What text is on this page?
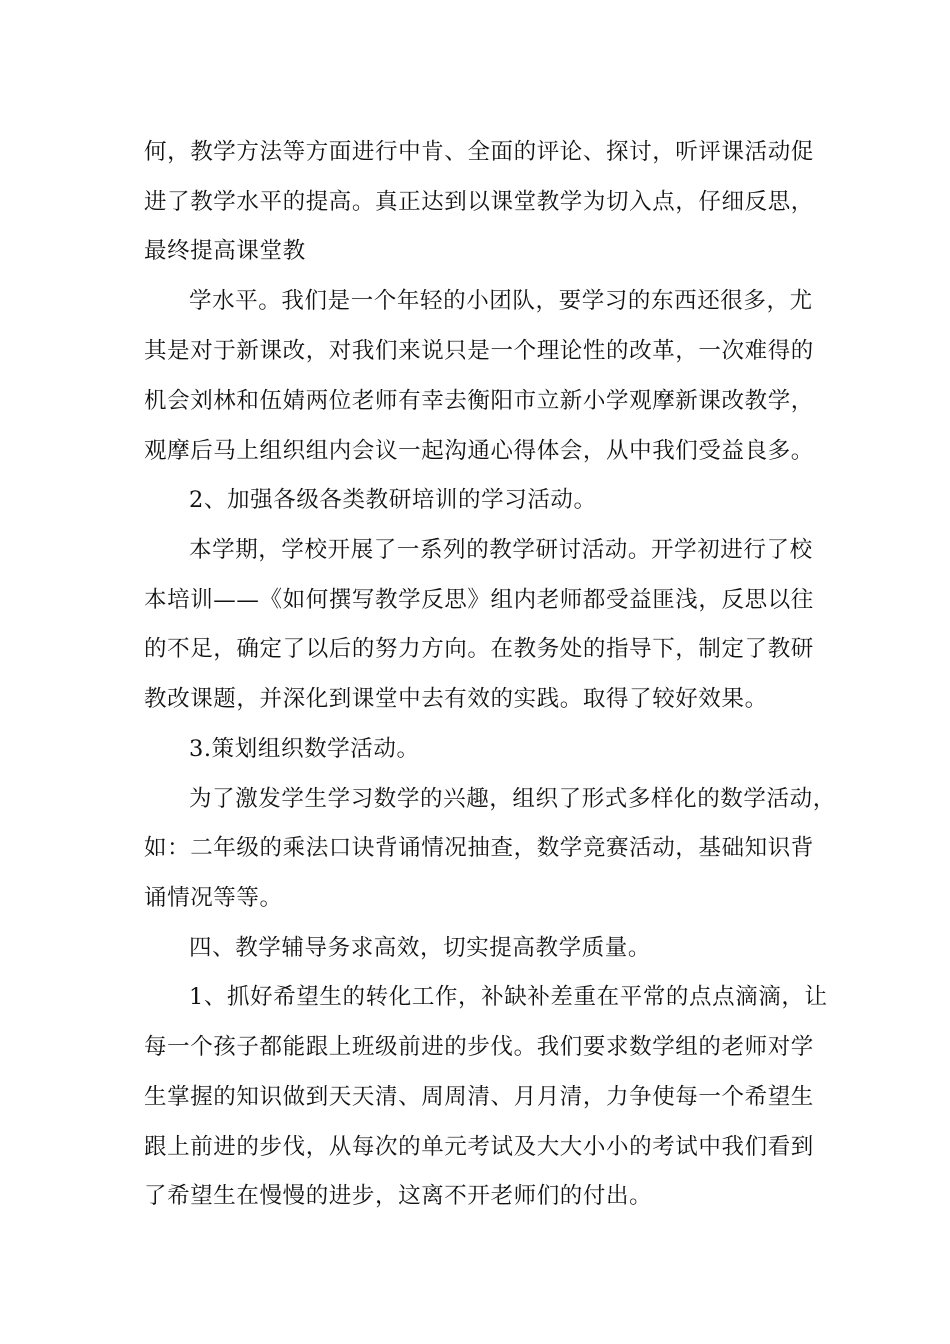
何，教学方法等方面进行中肯、全面的评论、探讨，听评课活动促
进了教学水平的提高。真正达到以课堂教学为切入点，仔细反思，
最终提高课堂教
学水平。我们是一个年轻的小团队，要学习的东西还很多，尤
其是对于新课改，对我们来说只是一个理论性的改革，一次难得的
机会刘林和伍婧两位老师有幸去衡阳市立新小学观摩新课改教学，
观摩后马上组织组内会议一起沟通心得体会，从中我们受益良多。
2、加强各级各类教研培训的学习活动。
本学期，学校开展了一系列的教学研讨活动。开学初进行了校
本培训——《如何撰写教学反思》组内老师都受益匪浅，反思以往
的不足，确定了以后的努力方向。在教务处的指导下，制定了教研
教改课题，并深化到课堂中去有效的实践。取得了较好效果。
3.策划组织数学活动。
为了激发学生学习数学的兴趣，组织了形式多样化的数学活动，
如：二年级的乘法口诀背诵情况抽查，数学竞赛活动，基础知识背
诵情况等等。
四、教学辅导务求高效，切实提高教学质量。
1、抓好希望生的转化工作，补缺补差重在平常的点点滴滴，让
每一个孩子都能跟上班级前进的步伐。我们要求数学组的老师对学
生掌握的知识做到天天清、周周清、月月清，力争使每一个希望生
跟上前进的步伐，从每次的单元考试及大大小小的考试中我们看到
了希望生在慢慢的进步，这离不开老师们的付出。
